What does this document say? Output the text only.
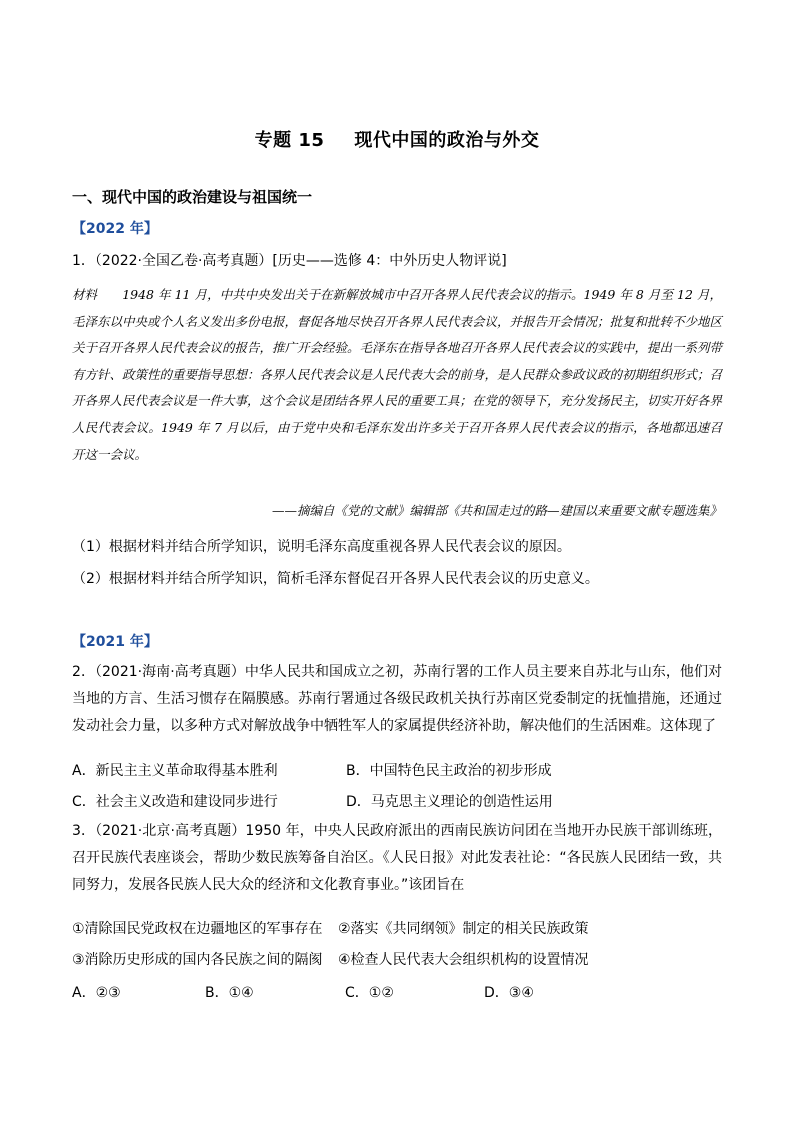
专题 15 现代中国的政治与外交
一、现代中国的政治建设与祖国统一
【2022 年】
1．（2022·全国乙卷·高考真题）[历史——选修 4：中外历史人物评说]
材料　　1948 年 11 月，中共中央发出关于在新解放城市中召开各界人民代表会议的指示。1949 年 8 月至 12 月，毛泽东以中央或个人名义发出多份电报，督促各地尽快召开各界人民代表会议，并报告开会情况；批复和批转不少地区关于召开各界人民代表会议的报告，推广开会经验。毛泽东在指导各地召开各界人民代表会议的实践中，提出一系列带有方针、政策性的重要指导思想：各界人民代表会议是人民代表大会的前身，是人民群众参政议政的初期组织形式；召开各界人民代表会议是一件大事，这个会议是团结各界人民的重要工具；在党的领导下，充分发扬民主，切实开好各界人民代表会议。1949 年 7 月以后，由于党中央和毛泽东发出许多关于召开各界人民代表会议的指示，各地都迅速召开这一会议。
——摘编自《党的文献》编辑部《共和国走过的路—建国以来重要文献专题选集》
（1）根据材料并结合所学知识，说明毛泽东高度重视各界人民代表会议的原因。
（2）根据材料并结合所学知识，简析毛泽东督促召开各界人民代表会议的历史意义。
【2021 年】
2．（2021·海南·高考真题）中华人民共和国成立之初，苏南行署的工作人员主要来自苏北与山东，他们对当地的方言、生活习惯存在隔膜感。苏南行署通过各级民政机关执行苏南区党委制定的抚恤措施，还通过发动社会力量，以多种方式对解放战争中牺牲军人的家属提供经济补助，解决他们的生活困难。这体现了
A．新民主主义革命取得基本胜利	B．中国特色民主政治的初步形成
C．社会主义改造和建设同步进行	D．马克思主义理论的创造性运用
3．（2021·北京·高考真题）1950 年，中央人民政府派出的西南民族访问团在当地开办民族干部训练班，召开民族代表座谈会，帮助少数民族筹备自治区。《人民日报》对此发表社论：“各民族人民团结一致，共同努力，发展各民族人民大众的经济和文化教育事业。”该团旨在
①清除国民党政权在边疆地区的军事存在 ②落实《共同纲领》制定的相关民族政策
③消除历史形成的国内各民族之间的隔阂 ④检查人民代表大会组织机构的设置情况
A．②③	B．①④	C．①②	D．③④
